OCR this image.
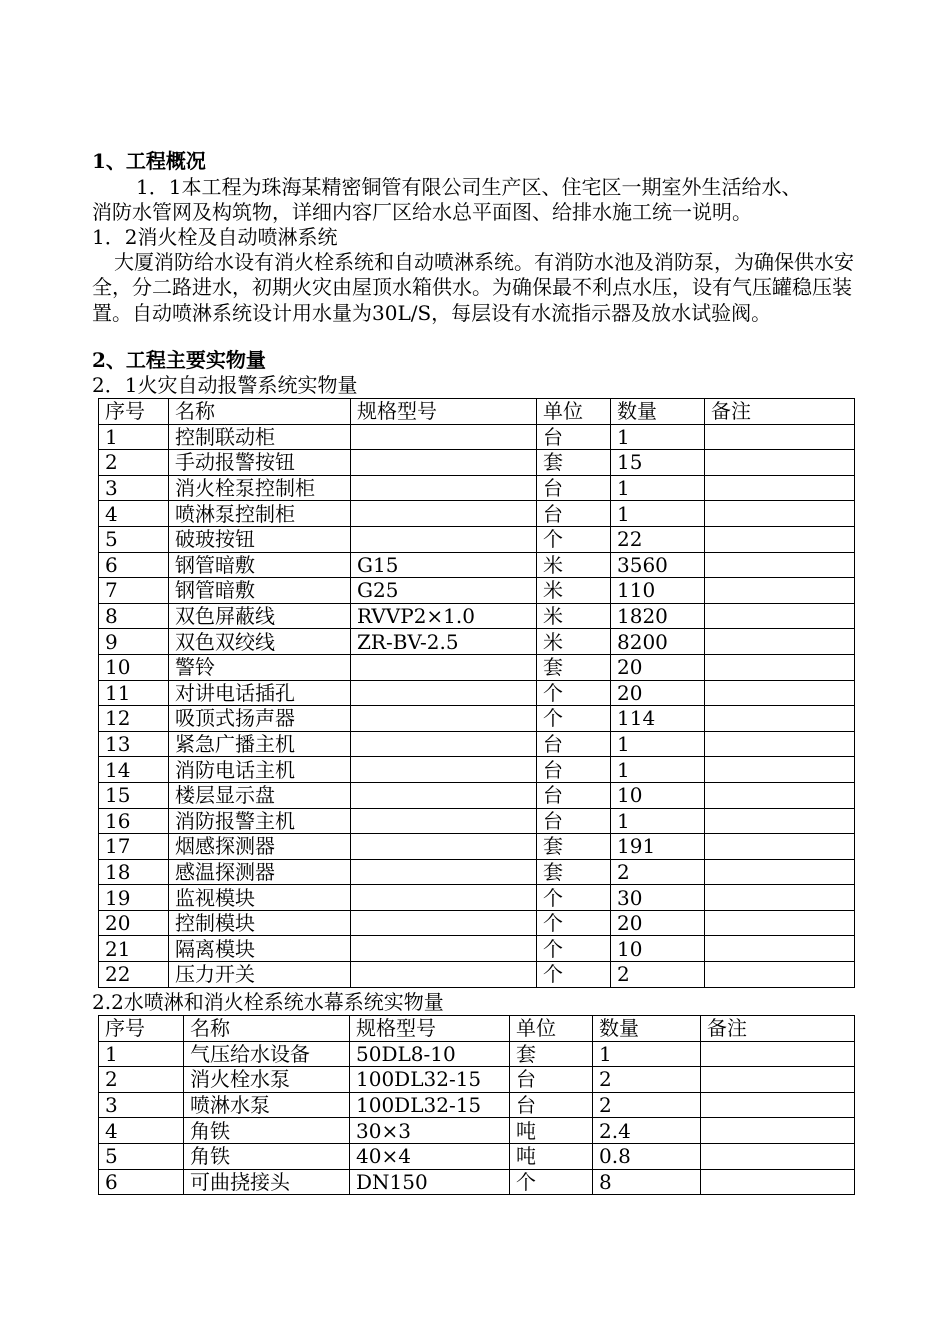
1、工程概况
1．1本工程为珠海某精密铜管有限公司生产区、住宅区一期室外生活给水、
消防水管网及构筑物，详细内容厂区给水总平面图、给排水施工统一说明。
1．2消火栓及自动喷淋系统

大厦消防给水设有消火栓系统和自动喷淋系统。有消防水池及消防泵，为确保供水安全，分二路进水，初期火灾由屋顶水箱供水。为确保最不利点水压，设有气压罐稳压装置。自动喷淋系统设计用水量为30L/S，每层设有水流指示器及放水试验阀。

2、工程主要实物量
2．1火灾自动报警系统实物量
序号	名称	规格型号	单位	数量	备注
1	控制联动柜		台	1	
2	手动报警按钮		套	15	
3	消火栓泵控制柜		台	1	
4	喷淋泵控制柜		台	1	
5	破玻按钮		个	22	
6	钢管暗敷	G15	米	3560	
7	钢管暗敷	G25	米	110	
8	双色屏蔽线	RVVP2×1.0	米	1820	
9	双色双绞线	ZR-BV-2.5	米	8200	
10	警铃		套	20	
11	对讲电话插孔		个	20	
12	吸顶式扬声器		个	114	
13	紧急广播主机		台	1	
14	消防电话主机		台	1	
15	楼层显示盘		台	10	
16	消防报警主机		台	1	
17	烟感探测器		套	191	
18	感温探测器		套	2	
19	监视模块		个	30	
20	控制模块		个	20	
21	隔离模块		个	10	
22	压力开关		个	2	
2.2水喷淋和消火栓系统水幕系统实物量
序号	名称	规格型号	单位	数量	备注
1	气压给水设备	50DL8-10	套	1	
2	消火栓水泵	100DL32-15	台	2	
3	喷淋水泵	100DL32-15	台	2	
4	角铁	30×3	吨	2.4	
5	角铁	40×4	吨	0.8	
6	可曲挠接头	DN150	个	8	
